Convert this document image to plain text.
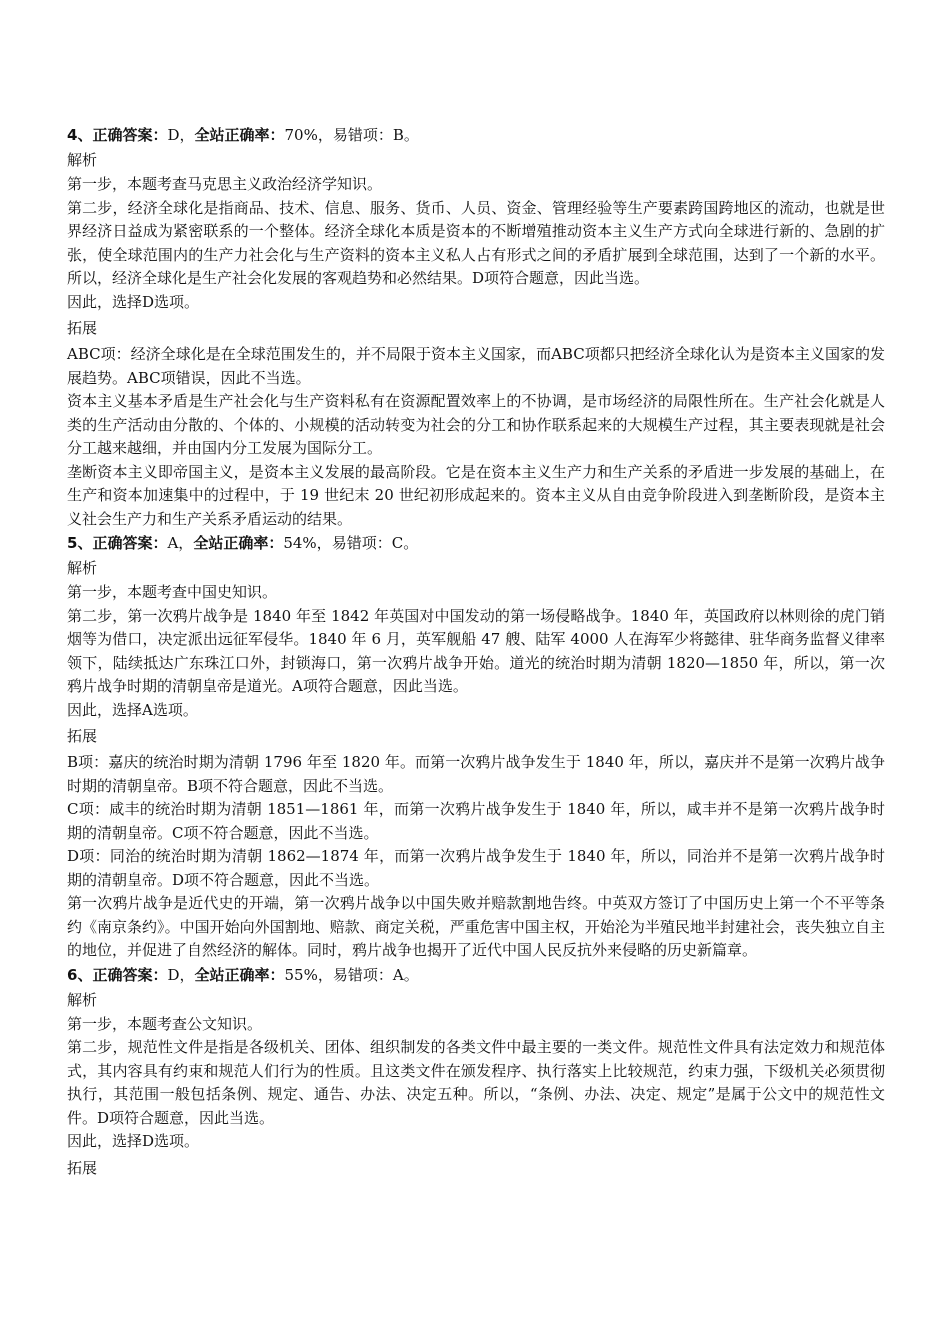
4、正确答案：D，全站正确率：70%，易错项：B。
解析

第一步，本题考查马克思主义政治经济学知识。

第二步，经济全球化是指商品、技术、信息、服务、货币、人员、资金、管理经验等生产要素跨国跨地区的流动，也就是世界经济日益成为紧密联系的一个整体。经济全球化本质是资本的不断增殖推动资本主义生产方式向全球进行新的、急剧的扩张，使全球范围内的生产力社会化与生产资料的资本主义私人占有形式之间的矛盾扩展到全球范围，达到了一个新的水平。所以，经济全球化是生产社会化发展的客观趋势和必然结果。D项符合题意，因此当选。

因此，选择D选项。

拓展

ABC项：经济全球化是在全球范围发生的，并不局限于资本主义国家，而ABC项都只把经济全球化认为是资本主义国家的发展趋势。ABC项错误，因此不当选。

资本主义基本矛盾是生产社会化与生产资料私有在资源配置效率上的不协调，是市场经济的局限性所在。生产社会化就是人类的生产活动由分散的、个体的、小规模的活动转变为社会的分工和协作联系起来的大规模生产过程，其主要表现就是社会分工越来越细，并由国内分工发展为国际分工。

垄断资本主义即帝国主义，是资本主义发展的最高阶段。它是在资本主义生产力和生产关系的矛盾进一步发展的基础上，在生产和资本加速集中的过程中，于 19 世纪末 20 世纪初形成起来的。资本主义从自由竞争阶段进入到垄断阶段，是资本主义社会生产力和生产关系矛盾运动的结果。

5、正确答案：A，全站正确率：54%，易错项：C。
解析

第一步，本题考查中国史知识。

第二步，第一次鸦片战争是 1840 年至 1842 年英国对中国发动的第一场侵略战争。1840 年，英国政府以林则徐的虎门销烟等为借口，决定派出远征军侵华。1840 年 6 月，英军舰船 47 艘、陆军 4000 人在海军少将懿律、驻华商务监督义律率领下，陆续抵达广东珠江口外，封锁海口，第一次鸦片战争开始。道光的统治时期为清朝 1820—1850 年，所以，第一次鸦片战争时期的清朝皇帝是道光。A项符合题意，因此当选。

因此，选择A选项。

拓展

B项：嘉庆的统治时期为清朝 1796 年至 1820 年。而第一次鸦片战争发生于 1840 年，所以，嘉庆并不是第一次鸦片战争时期的清朝皇帝。B项不符合题意，因此不当选。

C项：咸丰的统治时期为清朝 1851—1861 年，而第一次鸦片战争发生于 1840 年，所以，咸丰并不是第一次鸦片战争时期的清朝皇帝。C项不符合题意，因此不当选。

D项：同治的统治时期为清朝 1862—1874 年，而第一次鸦片战争发生于 1840 年，所以，同治并不是第一次鸦片战争时期的清朝皇帝。D项不符合题意，因此不当选。

第一次鸦片战争是近代史的开端，第一次鸦片战争以中国失败并赔款割地告终。中英双方签订了中国历史上第一个不平等条约《南京条约》。中国开始向外国割地、赔款、商定关税，严重危害中国主权，开始沦为半殖民地半封建社会，丧失独立自主的地位，并促进了自然经济的解体。同时，鸦片战争也揭开了近代中国人民反抗外来侵略的历史新篇章。

6、正确答案：D，全站正确率：55%，易错项：A。
解析

第一步，本题考查公文知识。

第二步，规范性文件是指是各级机关、团体、组织制发的各类文件中最主要的一类文件。规范性文件具有法定效力和规范体式，其内容具有约束和规范人们行为的性质。且这类文件在颁发程序、执行落实上比较规范，约束力强，下级机关必须贯彻执行，其范围一般包括条例、规定、通告、办法、决定五种。所以，“条例、办法、决定、规定”是属于公文中的规范性文件。D项符合题意，因此当选。

因此，选择D选项。

拓展
